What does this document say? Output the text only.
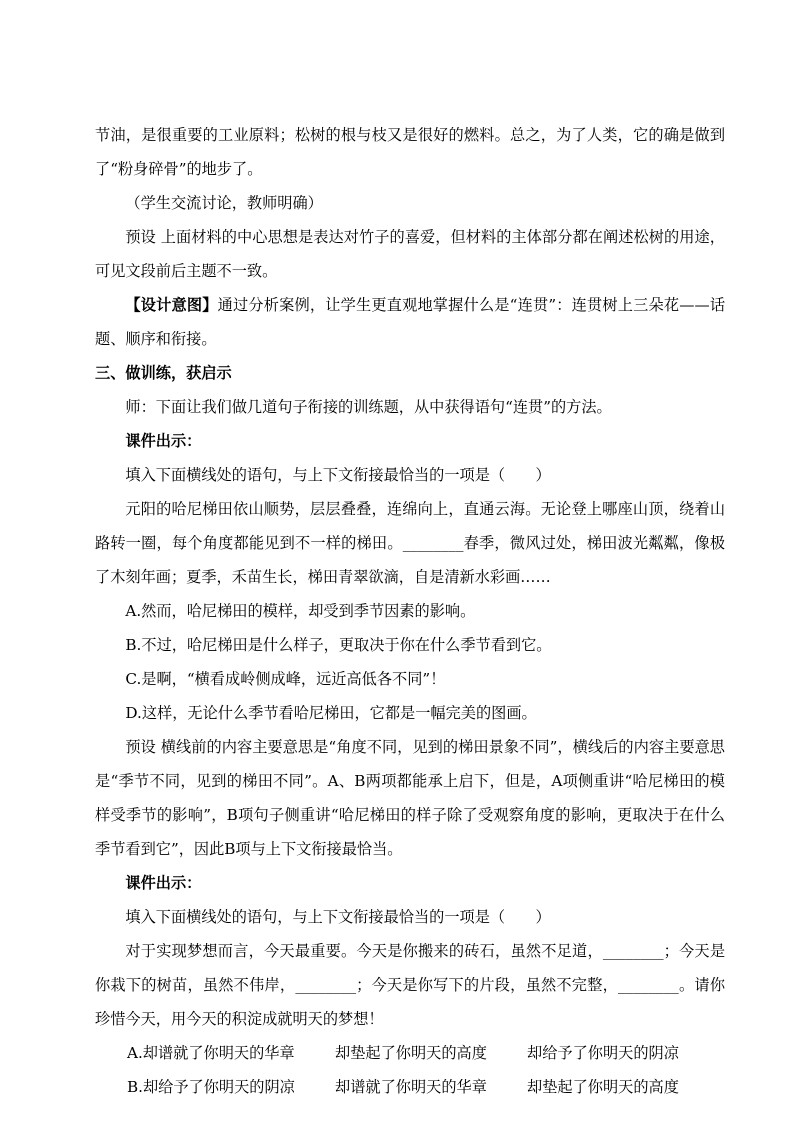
节油，是很重要的工业原料；松树的根与枝又是很好的燃料。总之，为了人类，它的确是做到了“粉身碎骨”的地步了。

（学生交流讨论，教师明确）

预设 上面材料的中心思想是表达对竹子的喜爱，但材料的主体部分都在阐述松树的用途，可见文段前后主题不一致。

【设计意图】通过分析案例，让学生更直观地掌握什么是“连贯”：连贯树上三朵花——话题、顺序和衔接。

三、做训练，获启示

师：下面让我们做几道句子衔接的训练题，从中获得语句“连贯”的方法。

课件出示：

填入下面横线处的语句，与上下文衔接最恰当的一项是（　　）

元阳的哈尼梯田依山顺势，层层叠叠，连绵向上，直通云海。无论登上哪座山顶，绕着山路转一圈，每个角度都能见到不一样的梯田。________春季，微风过处，梯田波光粼粼，像极了木刻年画；夏季，禾苗生长，梯田青翠欲滴，自是清新水彩画……

A.然而，哈尼梯田的模样，却受到季节因素的影响。

B.不过，哈尼梯田是什么样子，更取决于你在什么季节看到它。

C.是啊，“横看成岭侧成峰，远近高低各不同”！

D.这样，无论什么季节看哈尼梯田，它都是一幅完美的图画。

预设 横线前的内容主要意思是“角度不同，见到的梯田景象不同”，横线后的内容主要意思是“季节不同，见到的梯田不同”。A、B两项都能承上启下，但是，A项侧重讲“哈尼梯田的模样受季节的影响”，B项句子侧重讲“哈尼梯田的样子除了受观察角度的影响，更取决于在什么季节看到它”，因此B项与上下文衔接最恰当。

课件出示：

填入下面横线处的语句，与上下文衔接最恰当的一项是（　　）

对于实现梦想而言，今天最重要。今天是你搬来的砖石，虽然不足道，________；今天是你栽下的树苗，虽然不伟岸，________；今天是你写下的片段，虽然不完整，________。请你珍惜今天，用今天的积淀成就明天的梦想！

A.却谱就了你明天的华章	却垫起了你明天的高度	却给予了你明天的阴凉

B.却给予了你明天的阴凉	却谱就了你明天的华章	却垫起了你明天的高度
